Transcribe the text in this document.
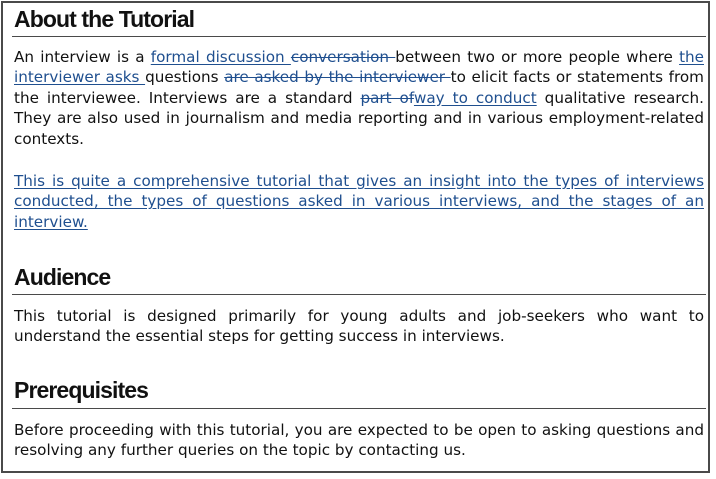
About the Tutorial

An interview is a formal discussion conversation between two or more people where the interviewer asks questions are asked by the interviewer to elicit facts or statements from the interviewee. Interviews are a standard part ofway to conduct qualitative research. They are also used in journalism and media reporting and in various employment-related contexts.

This is quite a comprehensive tutorial that gives an insight into the types of interviews conducted, the types of questions asked in various interviews, and the stages of an interview.

Audience

This tutorial is designed primarily for young adults and job-seekers who want to understand the essential steps for getting success in interviews.

Prerequisites

Before proceeding with this tutorial, you are expected to be open to asking questions and resolving any further queries on the topic by contacting us.
